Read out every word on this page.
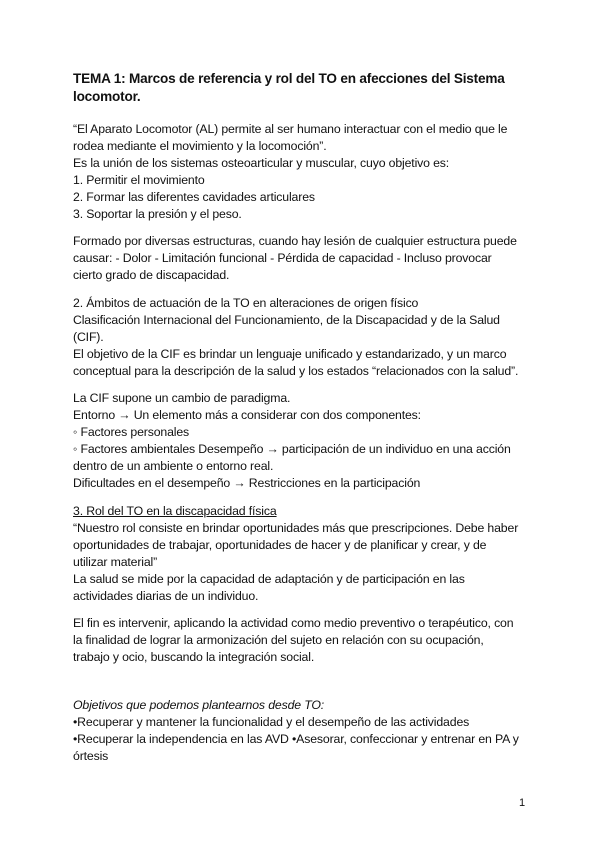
TEMA 1: Marcos de referencia y rol del TO en afecciones del Sistema
locomotor.
“El Aparato Locomotor (AL) permite al ser humano interactuar con el medio que le
rodea mediante el movimiento y la locomoción”.
Es la unión de los sistemas osteoarticular y muscular, cuyo objetivo es:
1. Permitir el movimiento
2. Formar las diferentes cavidades articulares
3. Soportar la presión y el peso.
Formado por diversas estructuras, cuando hay lesión de cualquier estructura puede
causar: - Dolor - Limitación funcional - Pérdida de capacidad - Incluso provocar
cierto grado de discapacidad.
2. Ámbitos de actuación de la TO en alteraciones de origen físico
Clasificación Internacional del Funcionamiento, de la Discapacidad y de la Salud
(CIF).
El objetivo de la CIF es brindar un lenguaje unificado y estandarizado, y un marco
conceptual para la descripción de la salud y los estados “relacionados con la salud”.
La CIF supone un cambio de paradigma.
Entorno → Un elemento más a considerar con dos componentes:
◦ Factores personales
◦ Factores ambientales Desempeño → participación de un individuo en una acción
dentro de un ambiente o entorno real.
Dificultades en el desempeño → Restricciones en la participación
3. Rol del TO en la discapacidad física
“Nuestro rol consiste en brindar oportunidades más que prescripciones. Debe haber
oportunidades de trabajar, oportunidades de hacer y de planificar y crear, y de
utilizar material”
La salud se mide por la capacidad de adaptación y de participación en las
actividades diarias de un individuo.
El fin es intervenir, aplicando la actividad como medio preventivo o terapéutico, con
la finalidad de lograr la armonización del sujeto en relación con su ocupación,
trabajo y ocio, buscando la integración social.
Objetivos que podemos plantearnos desde TO:
•Recuperar y mantener la funcionalidad y el desempeño de las actividades
•Recuperar la independencia en las AVD •Asesorar, confeccionar y entrenar en PA y
órtesis
1
